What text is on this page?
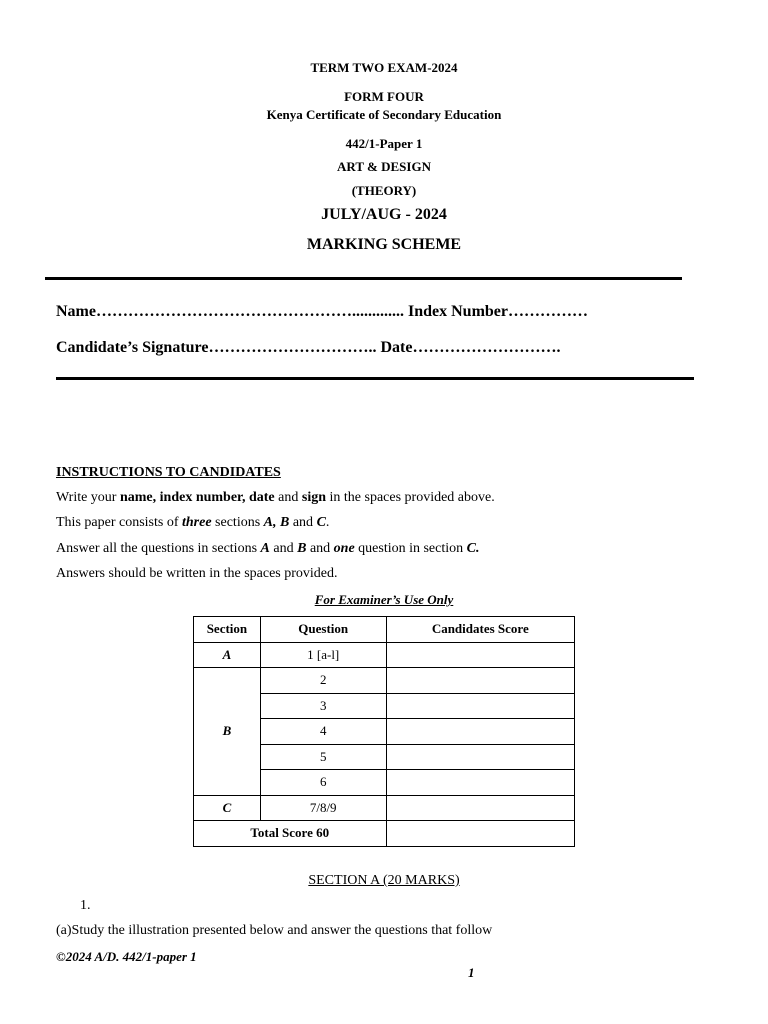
TERM TWO EXAM-2024
FORM FOUR
Kenya Certificate of Secondary Education
442/1-Paper 1
ART & DESIGN
(THEORY)
JULY/AUG - 2024
MARKING SCHEME
Name…………………………………………............. Index Number……………
Candidate’s Signature………………………….. Date……………………….
INSTRUCTIONS TO CANDIDATES
Write your name, index number, date and sign in the spaces provided above.
This paper consists of three sections A, B and C.
Answer all the questions in sections A and B and one question in section C.
Answers should be written in the spaces provided.
For Examiner’s Use Only
Section	Question	Candidates Score
A	1 [a-l]	
B	2	
	3	
	4	
	5	
	6	
C	7/8/9	
Total Score 60		
SECTION A (20 MARKS)
1.
(a)Study the illustration presented below and answer the questions that follow
©2024 A/D. 442/1-paper 1
1
